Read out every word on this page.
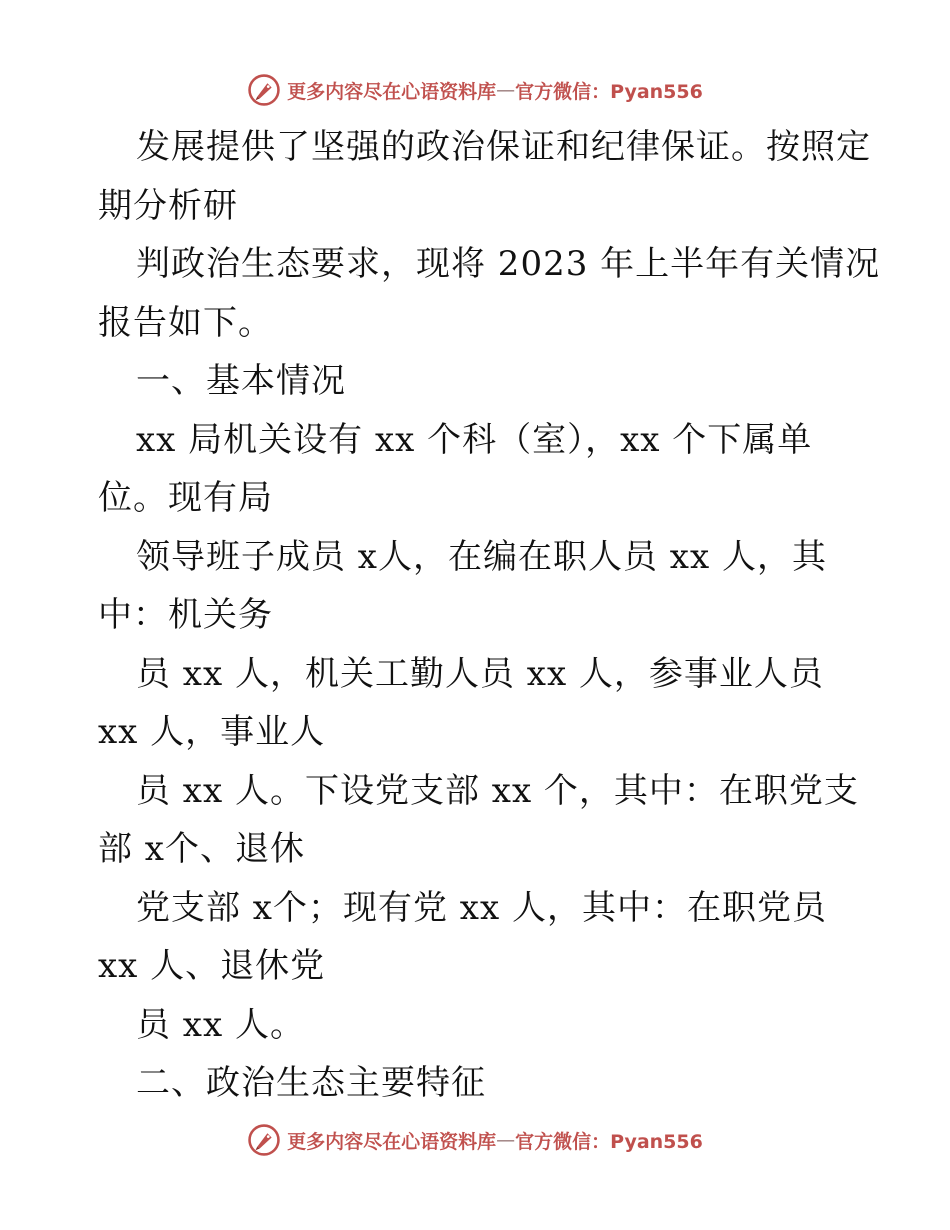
更多内容尽在心语资料库 — 官方微信：Pyan556
发展提供了坚强的政治保证和纪律保证。按照定
期分析研
判政治生态要求，现将 2023 年上半年有关情况
报告如下。
一、基本情况
xx 局机关设有 xx 个科（室），xx 个下属单
位。现有局
领导班子成员 x人，在编在职人员 xx 人，其
中：机关务
员 xx 人，机关工勤人员 xx 人，参事业人员
xx 人，事业人
员 xx 人。下设党支部 xx 个，其中：在职党支
部 x个、退休
党支部 x个；现有党 xx 人，其中：在职党员
xx 人、退休党
员 xx 人。
二、政治生态主要特征
更多内容尽在心语资料库 — 官方微信：Pyan556
